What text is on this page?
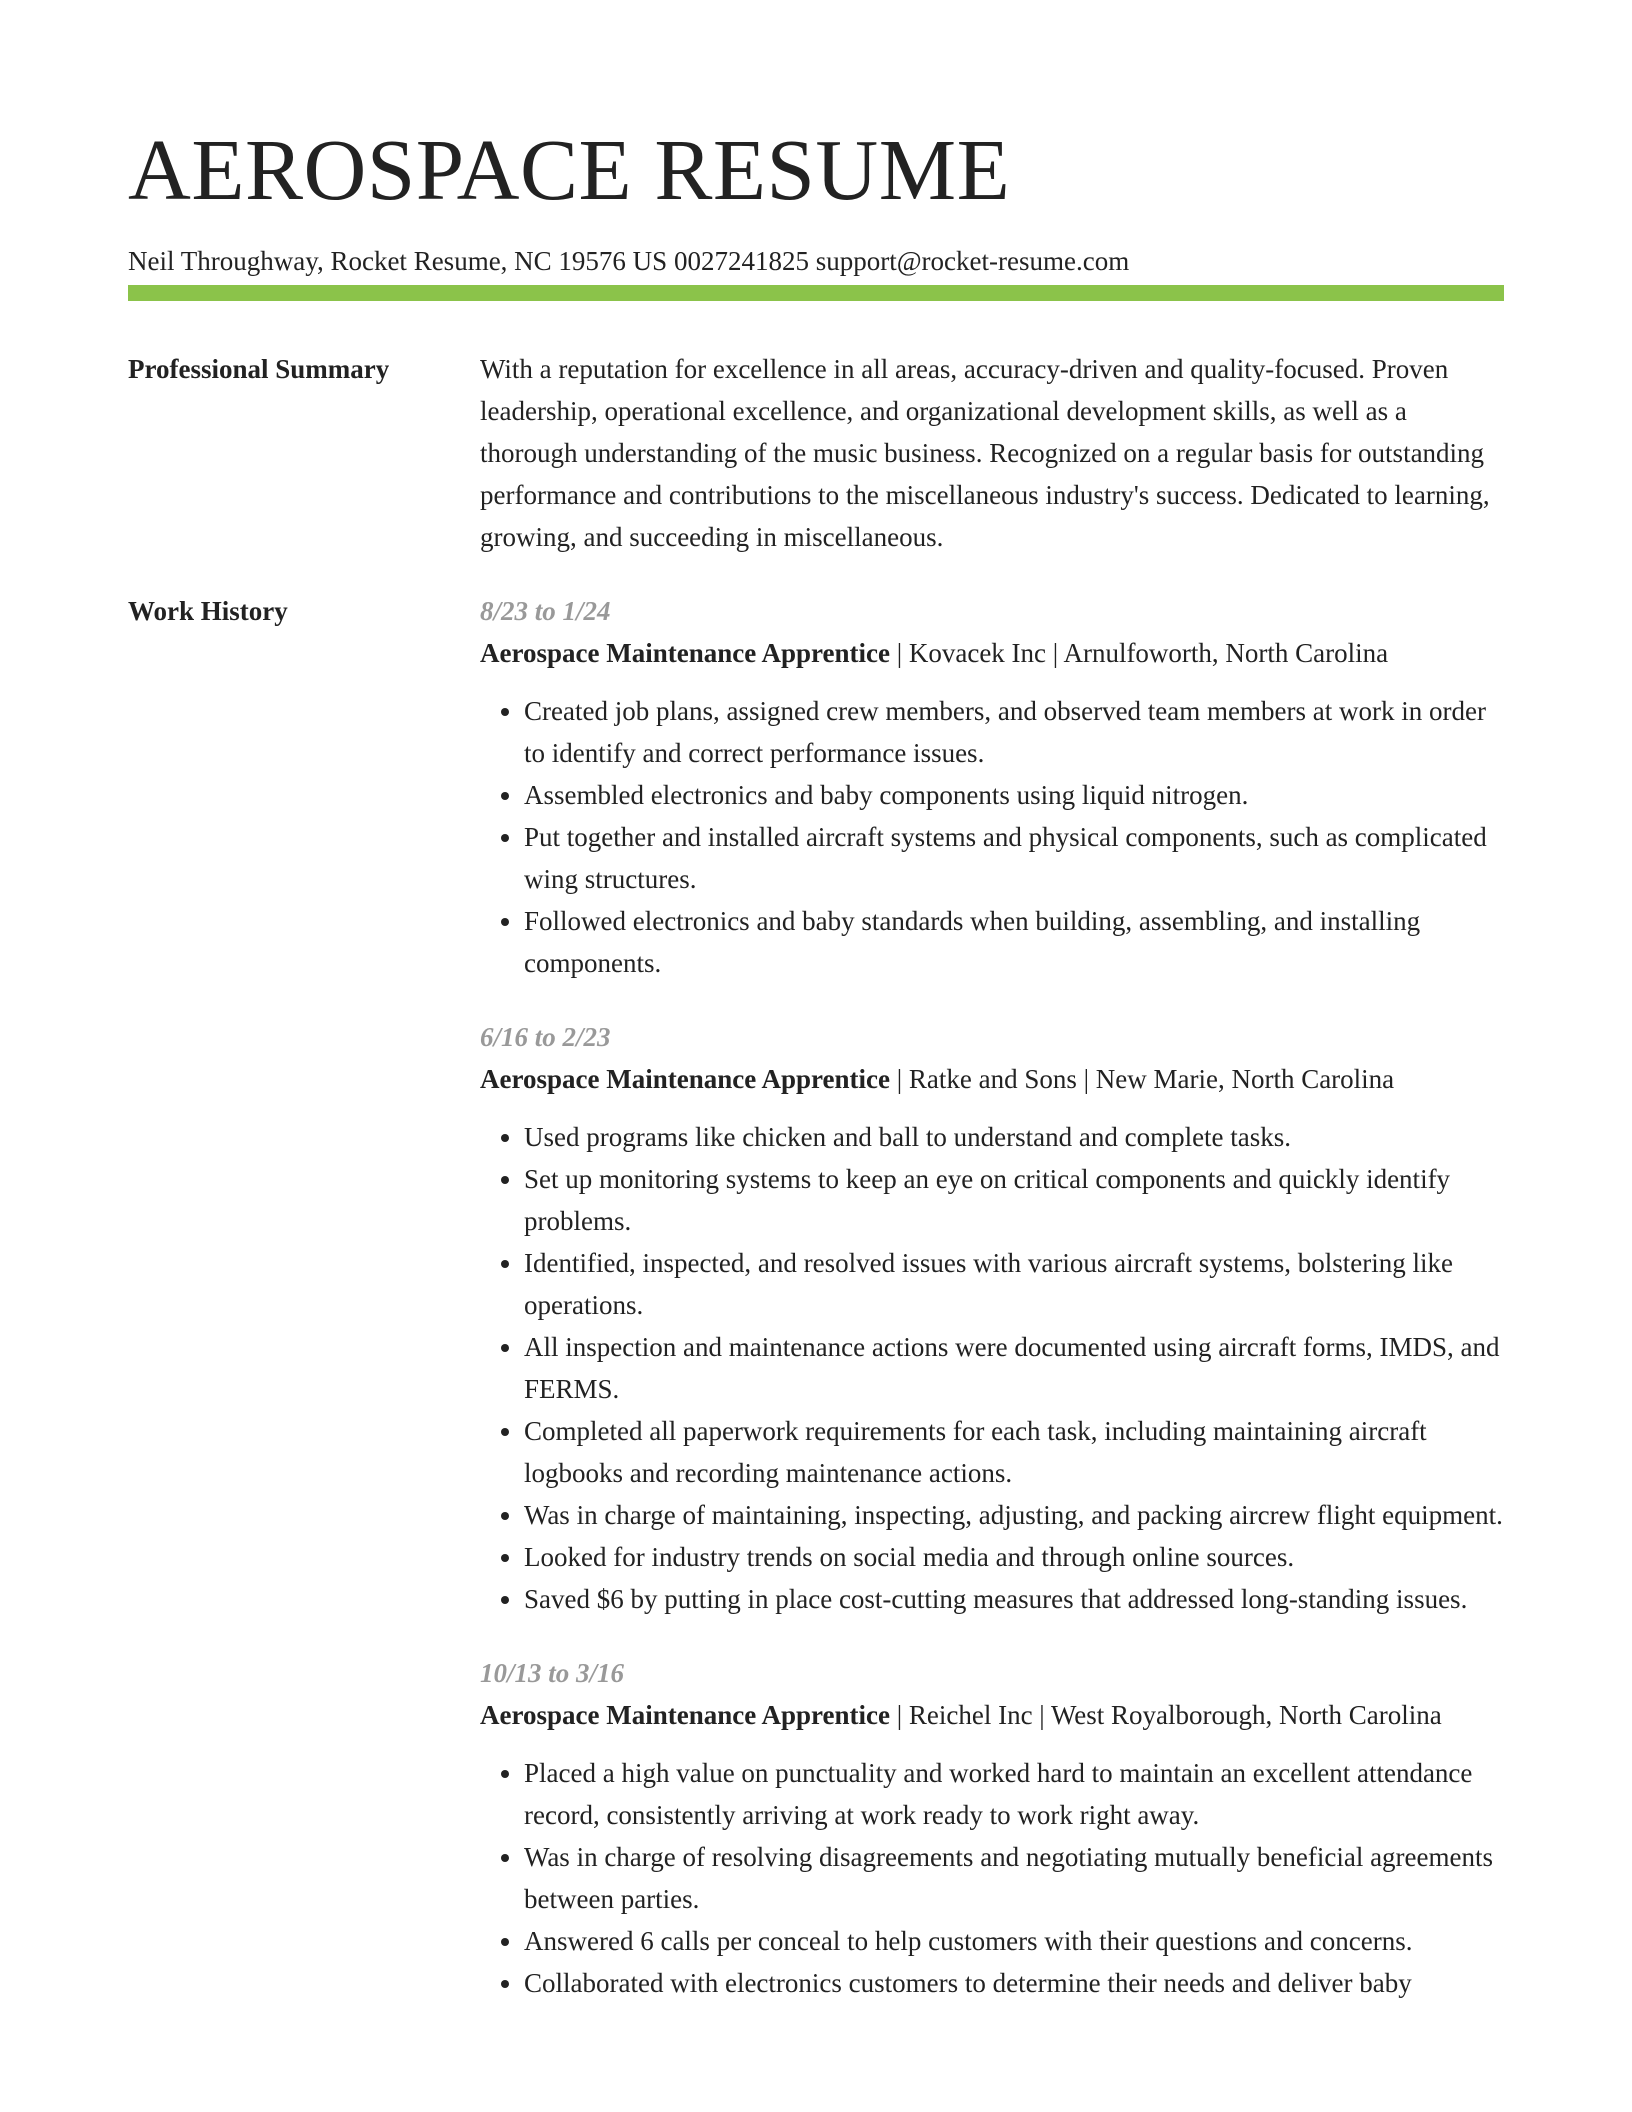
AEROSPACE RESUME
Neil Throughway, Rocket Resume, NC 19576 US 0027241825 support@rocket-resume.com
Professional Summary	With a reputation for excellence in all areas, accuracy-driven and quality-focused. Proven leadership, operational excellence, and organizational development skills, as well as a thorough understanding of the music business. Recognized on a regular basis for outstanding performance and contributions to the miscellaneous industry's success. Dedicated to learning, growing, and succeeding in miscellaneous.

Work History	8/23 to 1/24
Aerospace Maintenance Apprentice | Kovacek Inc | Arnulfoworth, North Carolina
• Created job plans, assigned crew members, and observed team members at work in order to identify and correct performance issues.
• Assembled electronics and baby components using liquid nitrogen.
• Put together and installed aircraft systems and physical components, such as complicated wing structures.
• Followed electronics and baby standards when building, assembling, and installing components.
6/16 to 2/23
Aerospace Maintenance Apprentice | Ratke and Sons | New Marie, North Carolina
• Used programs like chicken and ball to understand and complete tasks.
• Set up monitoring systems to keep an eye on critical components and quickly identify problems.
• Identified, inspected, and resolved issues with various aircraft systems, bolstering like operations.
• All inspection and maintenance actions were documented using aircraft forms, IMDS, and FERMS.
• Completed all paperwork requirements for each task, including maintaining aircraft logbooks and recording maintenance actions.
• Was in charge of maintaining, inspecting, adjusting, and packing aircrew flight equipment.
• Looked for industry trends on social media and through online sources.
• Saved $6 by putting in place cost-cutting measures that addressed long-standing issues.
10/13 to 3/16
Aerospace Maintenance Apprentice | Reichel Inc | West Royalborough, North Carolina
• Placed a high value on punctuality and worked hard to maintain an excellent attendance record, consistently arriving at work ready to work right away.
• Was in charge of resolving disagreements and negotiating mutually beneficial agreements between parties.
• Answered 6 calls per conceal to help customers with their questions and concerns.
• Collaborated with electronics customers to determine their needs and deliver baby
